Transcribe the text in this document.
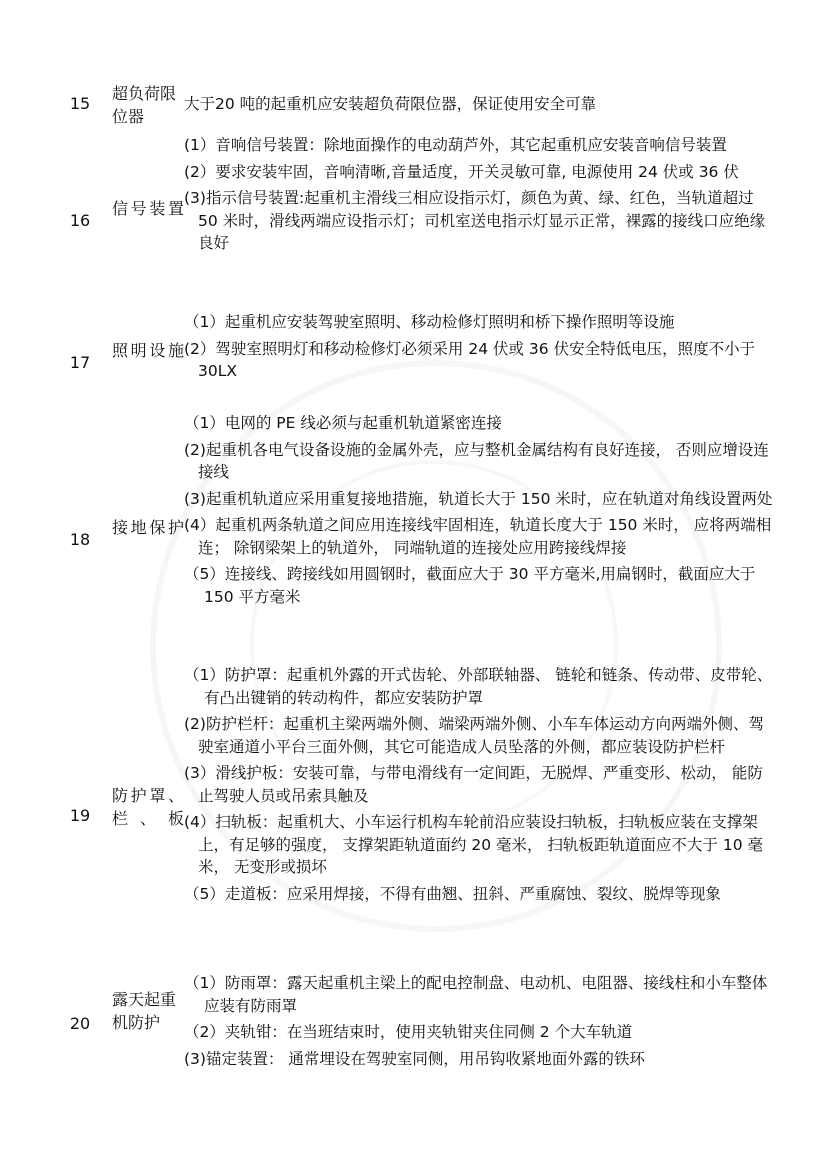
15
超负荷限位器
大于20 吨的起重机应安装超负荷限位器，保证使用安全可靠
16
信号装置
(1）音响信号装置：除地面操作的电动葫芦外，其它起重机应安装音响信号装置
(2）要求安装牢固，音响清晰,音量适度，开关灵敏可靠, 电源使用 24 伏或 36 伏
(3)指示信号装置:起重机主滑线三相应设指示灯，颜色为黄、绿、红色，当轨道超过 50 米时，滑线两端应设指示灯；司机室送电指示灯显示正常，裸露的接线口应绝缘良好
17
照明设施
（1）起重机应安装驾驶室照明、移动检修灯照明和桥下操作照明等设施
(2）驾驶室照明灯和移动检修灯必须采用 24 伏或 36 伏安全特低电压，照度不小于 30LX
18
接地保护
（1）电网的 PE 线必须与起重机轨道紧密连接
(2)起重机各电气设备设施的金属外壳，应与整机金属结构有良好连接， 否则应增设连接线
(3)起重机轨道应采用重复接地措施，轨道长大于 150 米时，应在轨道对角线设置两处
(4）起重机两条轨道之间应用连接线牢固相连，轨道长度大于 150 米时， 应将两端相连； 除钢梁架上的轨道外， 同端轨道的连接处应用跨接线焊接
（5）连接线、跨接线如用圆钢时，截面应大于 30 平方毫米,用扁钢时，截面应大于 150 平方毫米
19
防护罩、栏、板
（1）防护罩：起重机外露的开式齿轮、外部联轴器、 链轮和链条、传动带、皮带轮、有凸出键销的转动构件，都应安装防护罩
(2)防护栏杆：起重机主梁两端外侧、端梁两端外侧、小车车体运动方向两端外侧、驾驶室通道小平台三面外侧，其它可能造成人员坠落的外侧，都应装设防护栏杆
(3）滑线护板：安装可靠，与带电滑线有一定间距，无脱焊、严重变形、松动， 能防止驾驶人员或吊索具触及
(4）扫轨板：起重机大、小车运行机构车轮前沿应装设扫轨板，扫轨板应装在支撑架上，有足够的强度， 支撑架距轨道面约 20 毫米， 扫轨板距轨道面应不大于 10 毫米， 无变形或损坏
（5）走道板：应采用焊接，不得有曲翘、扭斜、严重腐蚀、裂纹、脱焊等现象
20
露天起重机防护
（1）防雨罩：露天起重机主梁上的配电控制盘、电动机、电阻器、接线柱和小车整体应装有防雨罩
（2）夹轨钳：在当班结束时，使用夹轨钳夹住同侧 2 个大车轨道
(3)锚定装置： 通常埋设在驾驶室同侧，用吊钩收紧地面外露的铁环
